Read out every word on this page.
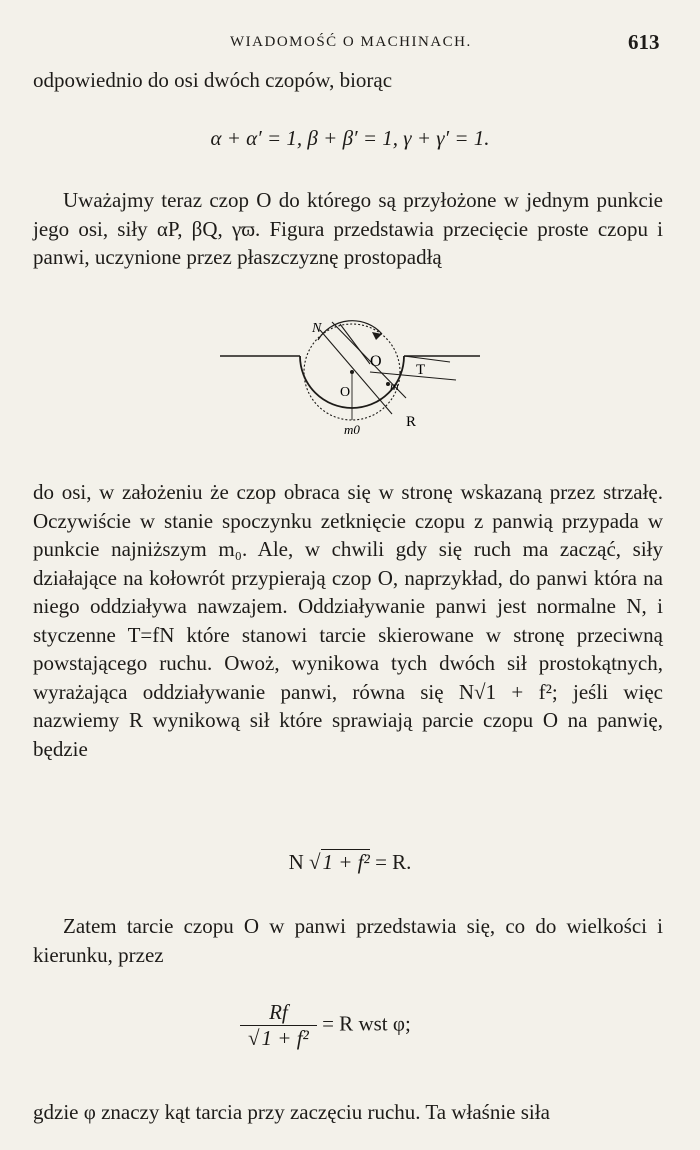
WIADOMOŚĆ O MACHINACH.	613

odpowiednio do osi dwóch czopów, biorąc

α + α′ = 1, β + β′ = 1, γ + γ′ = 1.

Uważajmy teraz czop O do którego są przyłożone w jednym punkcie jego osi, siły αP, βQ, γϖ. Figura przedstawia przecięcie proste czopu i panwi, uczynione przez płaszczyznę prostopadłą

N
O
O
T
m
m0	R

do osi, w założeniu że czop obraca się w stronę wskazaną przez strzałę. Oczywiście w stanie spoczynku zetknięcie czopu z panwią przypada w punkcie najniższym m₀. Ale, w chwili gdy się ruch ma zacząć, siły działające na kołowrót przypierają czop O, naprzykład, do panwi która na niego oddziaływa nawzajem. Oddziaływanie panwi jest normalne N, i styczenne T=fN które stanowi tarcie skierowane w stronę przeciwną powstającego ruchu. Owoż, wynikowa tych dwóch sił prostokątnych, wyrażająca oddziaływanie panwi, równa się N√1 + f²; jeśli więc nazwiemy R wynikową sił które sprawiają parcie czopu O na panwię, będzie

N √1 + f² = R.

Zatem tarcie czopu O w panwi przedstawia się, co do wielkości i kierunku, przez

$\frac{Rf}{\text{√1 + f²}} = R$ wst φ;

gdzie φ znaczy kąt tarcia przy zaczęciu ruchu. Ta właśnie siła
